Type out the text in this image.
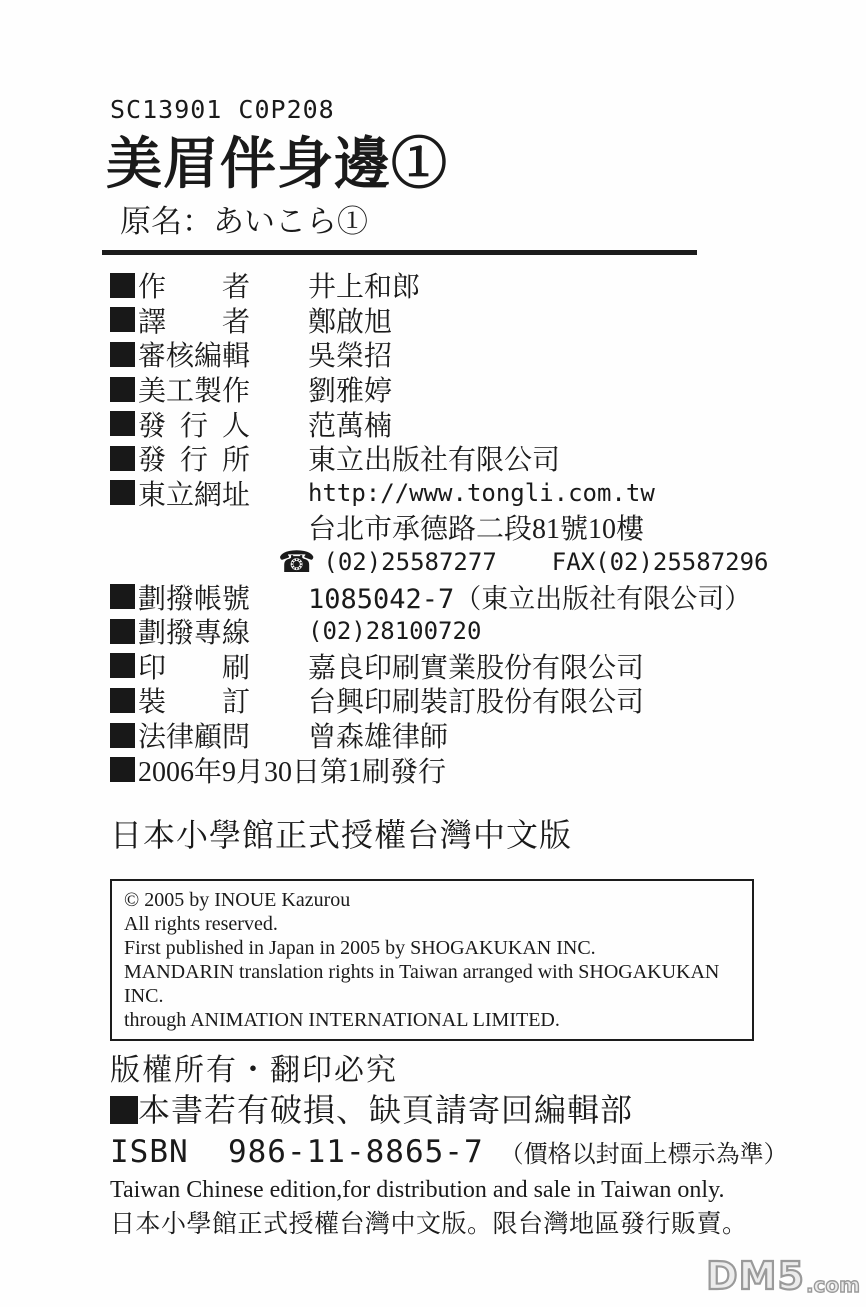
SC13901 C0P208
美眉伴身邊①
原名：あいこら①
作　　者 井上和郎
譯　　者 鄭啟旭
審核編輯 吳榮招
美工製作 劉雅婷
發 行 人 范萬楠
發 行 所 東立出版社有限公司
東立網址 http://www.tongli.com.tw
台北市承德路二段81號10樓
☎ (02)25587277 FAX(02)25587296
劃撥帳號 1085042-7（東立出版社有限公司）
劃撥專線 (02)28100720
印　　刷 嘉良印刷實業股份有限公司
裝　　訂 台興印刷裝訂股份有限公司
法律顧問 曾森雄律師
2006年9月30日第1刷發行
日本小學館正式授權台灣中文版
© 2005 by INOUE Kazurou
All rights reserved.
First published in Japan in 2005 by SHOGAKUKAN INC.
MANDARIN translation rights in Taiwan arranged with SHOGAKUKAN INC.
through ANIMATION INTERNATIONAL LIMITED.
版權所有・翻印必究
本書若有破損、缺頁請寄回編輯部
ISBN  986-11-8865-7 （價格以封面上標示為準）
Taiwan Chinese edition,for distribution and sale in Taiwan only.
日本小學館正式授權台灣中文版。限台灣地區發行販賣。
DM5 .com
